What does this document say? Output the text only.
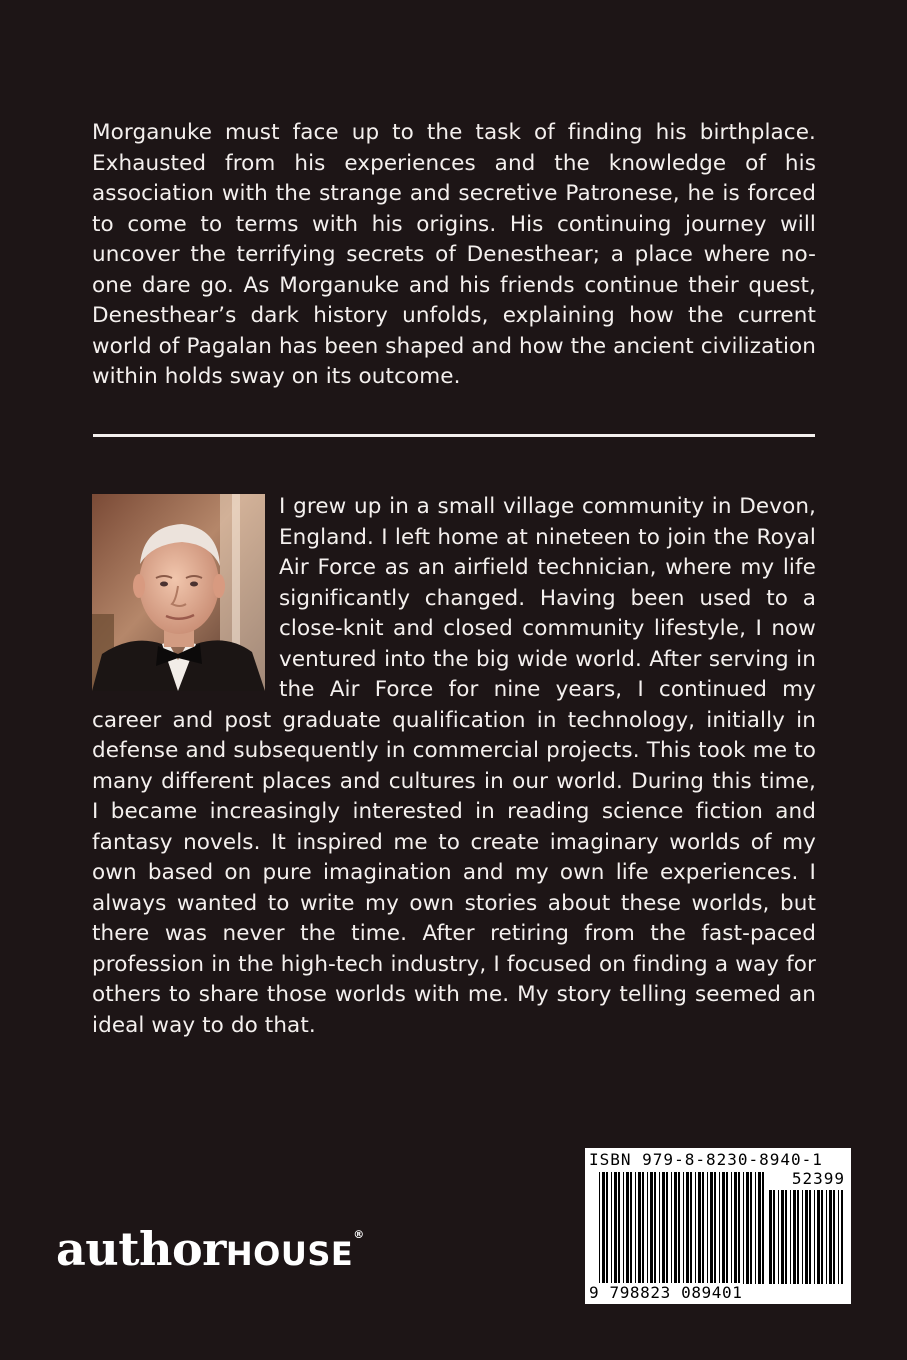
Morganuke must face up to the task of finding his birthplace. Exhausted from his experiences and the knowledge of his association with the strange and secretive Patronese, he is forced to come to terms with his origins. His continuing journey will uncover the terrifying secrets of Denesthear; a place where no-one dare go. As Morganuke and his friends continue their quest, Denesthear’s dark history unfolds, explaining how the current world of Pagalan has been shaped and how the ancient civilization within holds sway on its outcome.

I grew up in a small village community in Devon, England. I left home at nineteen to join the Royal Air Force as an airfield technician, where my life significantly changed. Having been used to a close-knit and closed community lifestyle, I now ventured into the big wide world. After serving in the Air Force for nine years, I continued my career and post graduate qualification in technology, initially in defense and subsequently in commercial projects. This took me to many different places and cultures in our world. During this time, I became increasingly interested in reading science fiction and fantasy novels. It inspired me to create imaginary worlds of my own based on pure imagination and my own life experiences. I always wanted to write my own stories about these worlds, but there was never the time. After retiring from the fast-paced profession in the high-tech industry, I focused on finding a way for others to share those worlds with me. My story telling seemed an ideal way to do that.
authorHOUSE®
ISBN 979-8-8230-8940-1
52399
9 798823 089401
